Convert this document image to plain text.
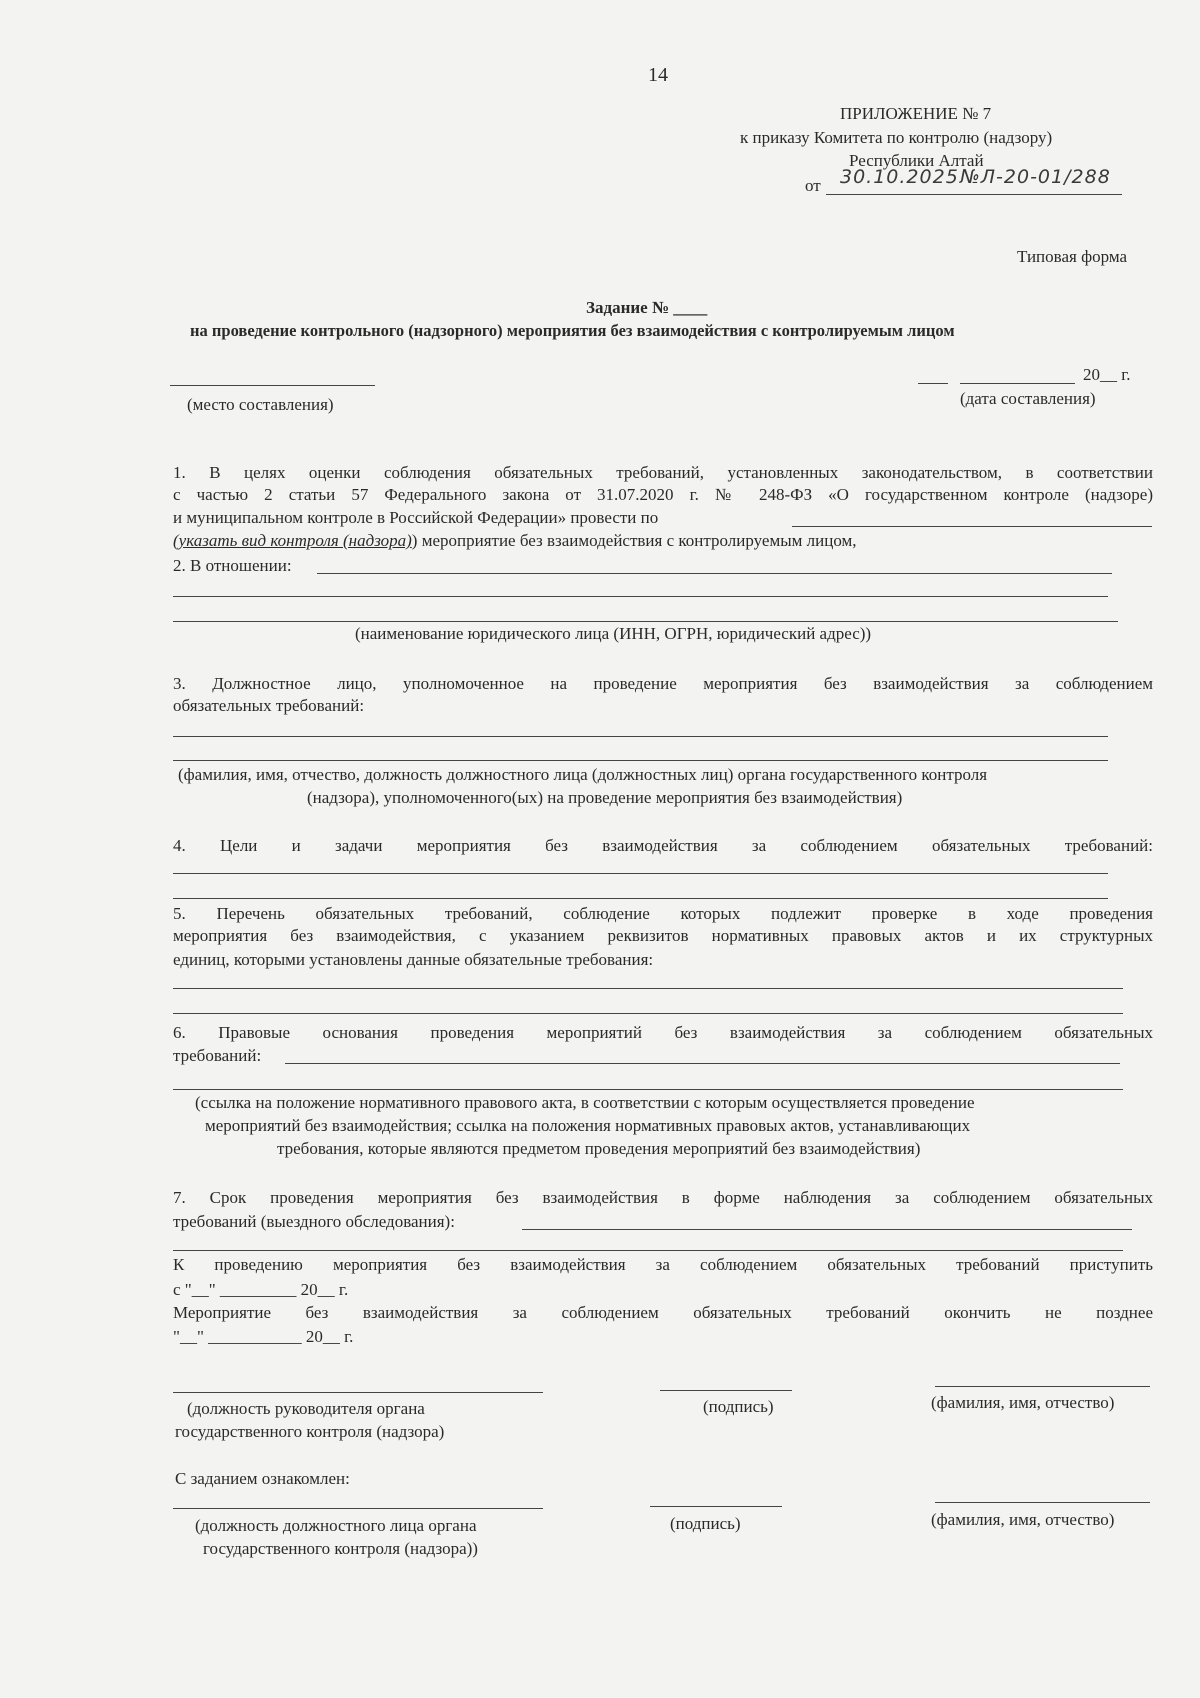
14
ПРИЛОЖЕНИЕ № 7
к приказу Комитета по контролю (надзору)
Республики Алтай
от 30.10.2025 №Л-20-01/288
Типовая форма
Задание № ____
на проведение контрольного (надзорного) мероприятия без взаимодействия с контролируемым лицом
20__ г.
(место составления)	(дата составления)
1. В целях оценки соблюдения обязательных требований, установленных законодательством, в соответствии
с частью 2 статьи 57 Федерального закона от 31.07.2020 г. № 248-ФЗ «О государственном контроле (надзоре)
и муниципальном контроле в Российской Федерации» провести по
(указать вид контроля (надзора)) мероприятие без взаимодействия с контролируемым лицом,
2. В отношении:
(наименование юридического лица (ИНН, ОГРН, юридический адрес))
3. Должностное лицо, уполномоченное на проведение мероприятия без взаимодействия за соблюдением
обязательных требований:
(фамилия, имя, отчество, должность должностного лица (должностных лиц) органа государственного контроля
(надзора), уполномоченного(ых) на проведение мероприятия без взаимодействия)
4. Цели и задачи мероприятия без взаимодействия за соблюдением обязательных требований:
5. Перечень обязательных требований, соблюдение которых подлежит проверке в ходе проведения
мероприятия без взаимодействия, с указанием реквизитов нормативных правовых актов и их структурных
единиц, которыми установлены данные обязательные требования:
6. Правовые основания проведения мероприятий без взаимодействия за соблюдением обязательных
требований:
(ссылка на положение нормативного правового акта, в соответствии с которым осуществляется проведение
мероприятий без взаимодействия; ссылка на положения нормативных правовых актов, устанавливающих
требования, которые являются предметом проведения мероприятий без взаимодействия)
7. Срок проведения мероприятия без взаимодействия в форме наблюдения за соблюдением обязательных
требований (выездного обследования):
К проведению мероприятия без взаимодействия за соблюдением обязательных требований приступить
с "__" _________ 20__ г.
Мероприятие без взаимодействия за соблюдением обязательных требований окончить не позднее
"__" ___________ 20__ г.
(должность руководителя органа
государственного контроля (надзора)
(подпись)	(фамилия, имя, отчество)
С заданием ознакомлен:
(должность должностного лица органа
государственного контроля (надзора))
(подпись)	(фамилия, имя, отчество)
